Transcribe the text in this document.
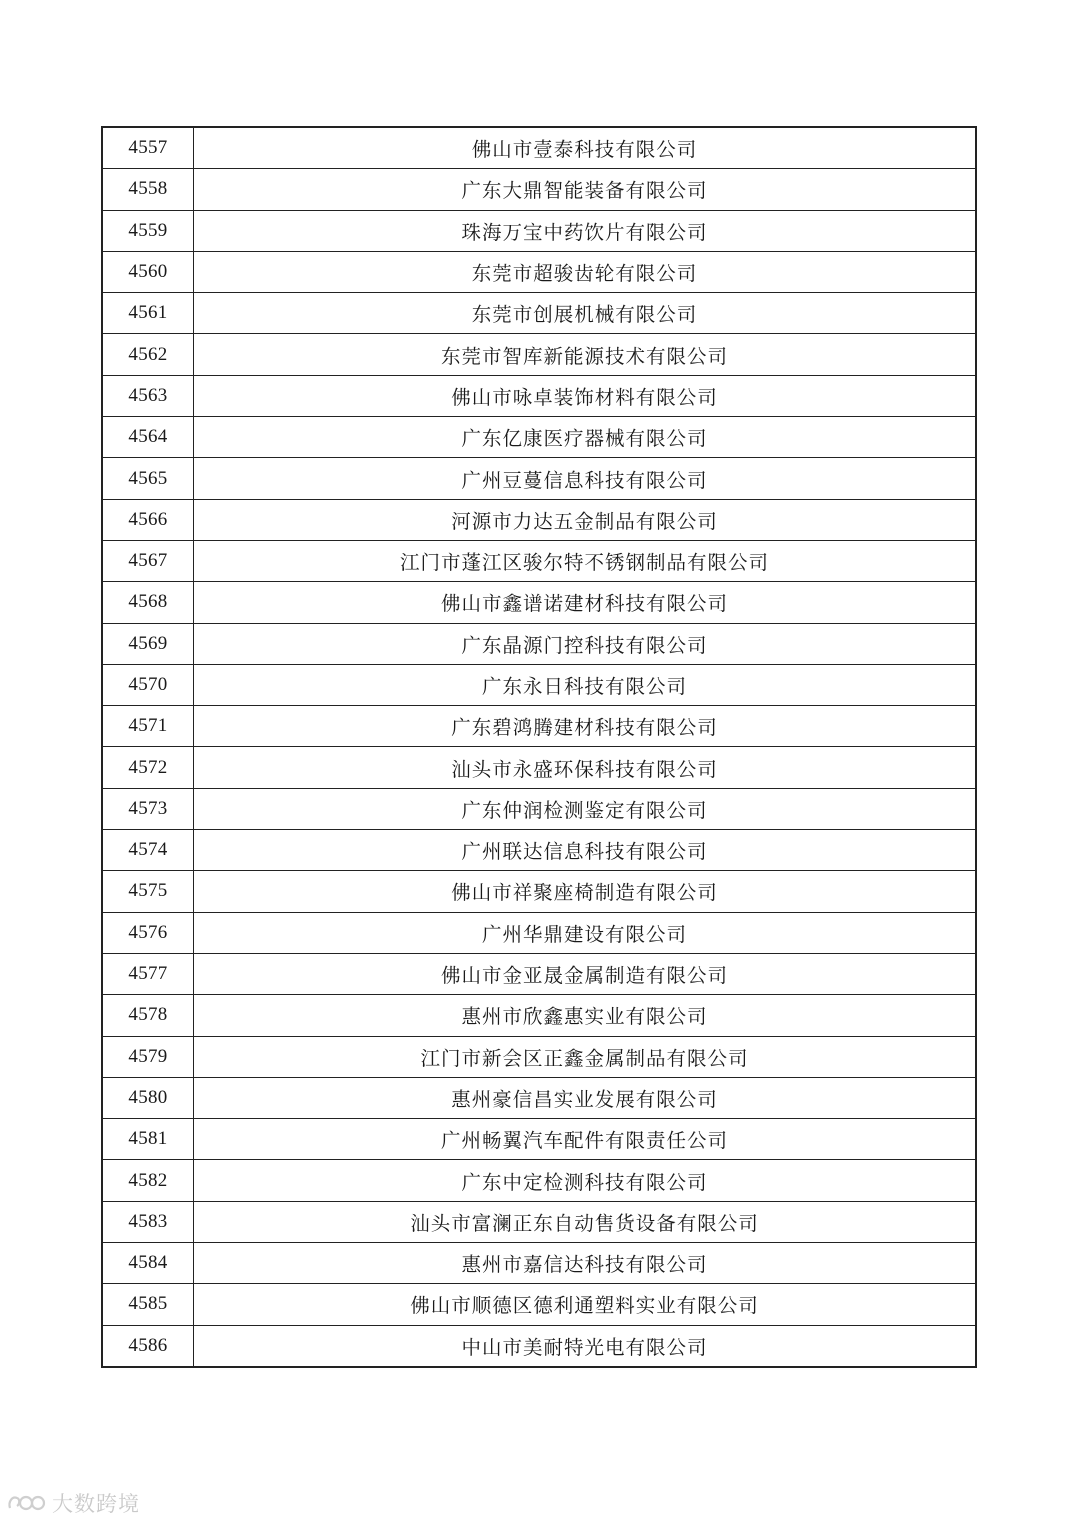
4557	佛山市壹泰科技有限公司
4558	广东大鼎智能装备有限公司
4559	珠海万宝中药饮片有限公司
4560	东莞市超骏齿轮有限公司
4561	东莞市创展机械有限公司
4562	东莞市智库新能源技术有限公司
4563	佛山市咏卓装饰材料有限公司
4564	广东亿康医疗器械有限公司
4565	广州豆蔓信息科技有限公司
4566	河源市力达五金制品有限公司
4567	江门市蓬江区骏尔特不锈钢制品有限公司
4568	佛山市鑫谱诺建材科技有限公司
4569	广东晶源门控科技有限公司
4570	广东永日科技有限公司
4571	广东碧鸿腾建材科技有限公司
4572	汕头市永盛环保科技有限公司
4573	广东仲润检测鉴定有限公司
4574	广州联达信息科技有限公司
4575	佛山市祥聚座椅制造有限公司
4576	广州华鼎建设有限公司
4577	佛山市金亚晟金属制造有限公司
4578	惠州市欣鑫惠实业有限公司
4579	江门市新会区正鑫金属制品有限公司
4580	惠州豪信昌实业发展有限公司
4581	广州畅翼汽车配件有限责任公司
4582	广东中定检测科技有限公司
4583	汕头市富澜正东自动售货设备有限公司
4584	惠州市嘉信达科技有限公司
4585	佛山市顺德区德利通塑料实业有限公司
4586	中山市美耐特光电有限公司
大数跨境
